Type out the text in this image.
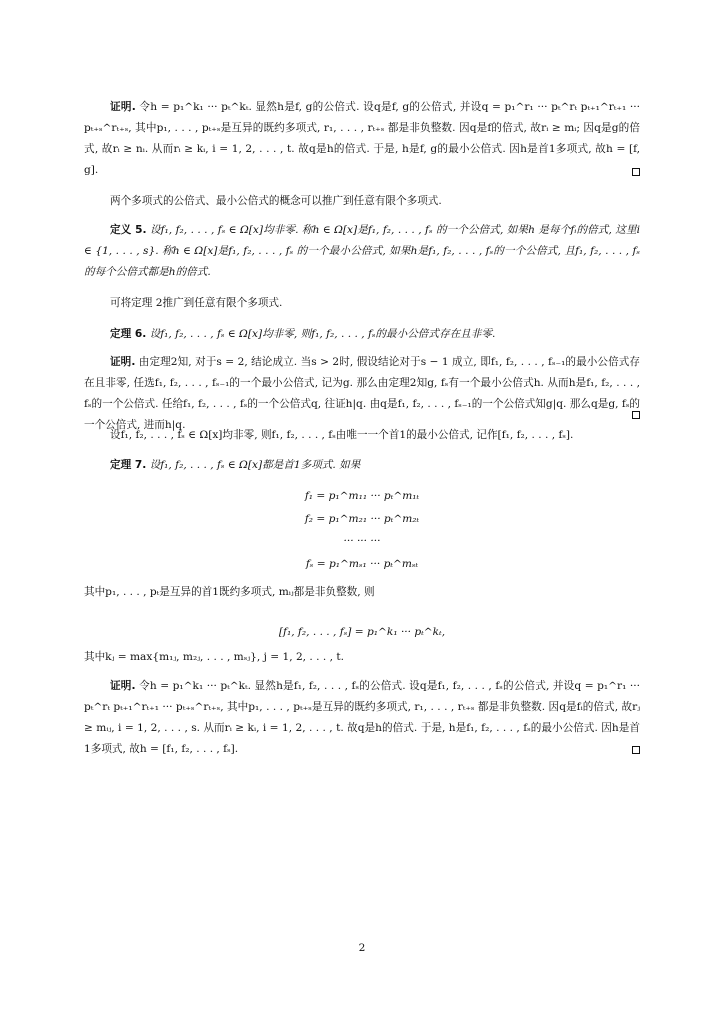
证明. 令h = p₁^k₁ ··· pₜ^kₜ. 显然h是f, g的公倍式. 设q是f, g的公倍式, 并设q = p₁^r₁ ··· pₜ^rₜ pₜ₊₁^rₜ₊₁ ··· pₜ₊ₛ^rₜ₊ₛ, 其中p₁, . . . , pₜ₊ₛ是互异的既约多项式, r₁, . . . , rₜ₊ₛ 都是非负整数. 因q是f的倍式, 故rᵢ ≥ mᵢ; 因q是g的倍式, 故rᵢ ≥ nᵢ. 从而rᵢ ≥ kᵢ, i = 1, 2, . . . , t. 故q是h的倍式. 于是, h是f, g的最小公倍式. 因h是首1多项式, 故h = [f, g].

两个多项式的公倍式、最小公倍式的概念可以推广到任意有限个多项式.

定义 5. 设f₁, f₂, . . . , fₛ ∈ Ω[x]均非零. 称h ∈ Ω[x]是f₁, f₂, . . . , fₛ 的一个公倍式, 如果h 是每个fᵢ的倍式, 这里i ∈ {1, . . . , s}. 称h ∈ Ω[x]是f₁, f₂, . . . , fₛ 的一个最小公倍式, 如果h是f₁, f₂, . . . , fₛ的一个公倍式, 且f₁, f₂, . . . , fₛ的每个公倍式都是h的倍式.

可将定理 2推广到任意有限个多项式.

定理 6. 设f₁, f₂, . . . , fₛ ∈ Ω[x]均非零, 则f₁, f₂, . . . , fₛ的最小公倍式存在且非零.

证明. 由定理2知, 对于s = 2, 结论成立. 当s > 2时, 假设结论对于s − 1 成立, 即f₁, f₂, . . . , fₛ₋₁的最小公倍式存在且非零, 任选f₁, f₂, . . . , fₛ₋₁的一个最小公倍式, 记为g. 那么由定理2知g, fₛ有一个最小公倍式h. 从而h是f₁, f₂, . . . , fₛ的一个公倍式. 任给f₁, f₂, . . . , fₛ的一个公倍式q, 往证h|q. 由q是f₁, f₂, . . . , fₛ₋₁的一个公倍式知g|q. 那么q是g, fₛ的一个公倍式, 进而h|q.

设f₁, f₂, . . . , fₛ ∈ Ω[x]均非零, 则f₁, f₂, . . . , fₛ由唯一一个首1的最小公倍式, 记作[f₁, f₂, . . . , fₛ].

定理 7. 设f₁, f₂, . . . , fₛ ∈ Ω[x]都是首1多项式. 如果

f₁ = p₁^m₁₁ ··· pₜ^m₁ₜ
f₂ = p₁^m₂₁ ··· pₜ^m₂ₜ
··· ··· ···
fₛ = p₁^mₛ₁ ··· pₜ^mₛₜ

其中p₁, . . . , pₜ是互异的首1既约多项式, mᵢⱼ都是非负整数, 则

[f₁, f₂, . . . , fₛ] = p₁^k₁ ··· pₜ^kₜ,

其中kⱼ = max{m₁ⱼ, m₂ⱼ, . . . , mₛⱼ}, j = 1, 2, . . . , t.

证明. 令h = p₁^k₁ ··· pₜ^kₜ. 显然h是f₁, f₂, . . . , fₛ的公倍式. 设q是f₁, f₂, . . . , fₛ的公倍式, 并设q = p₁^r₁ ··· pₜ^rₜ pₜ₊₁^rₜ₊₁ ··· pₜ₊ₛ^rₜ₊ₛ, 其中p₁, . . . , pₜ₊ₛ是互异的既约多项式, r₁, . . . , rₜ₊ₛ 都是非负整数. 因q是fᵢ的倍式, 故rⱼ ≥ mᵢⱼ, i = 1, 2, . . . , s. 从而rᵢ ≥ kᵢ, i = 1, 2, . . . , t. 故q是h的倍式. 于是, h是f₁, f₂, . . . , fₛ的最小公倍式. 因h是首1多项式, 故h = [f₁, f₂, . . . , fₛ].

2
